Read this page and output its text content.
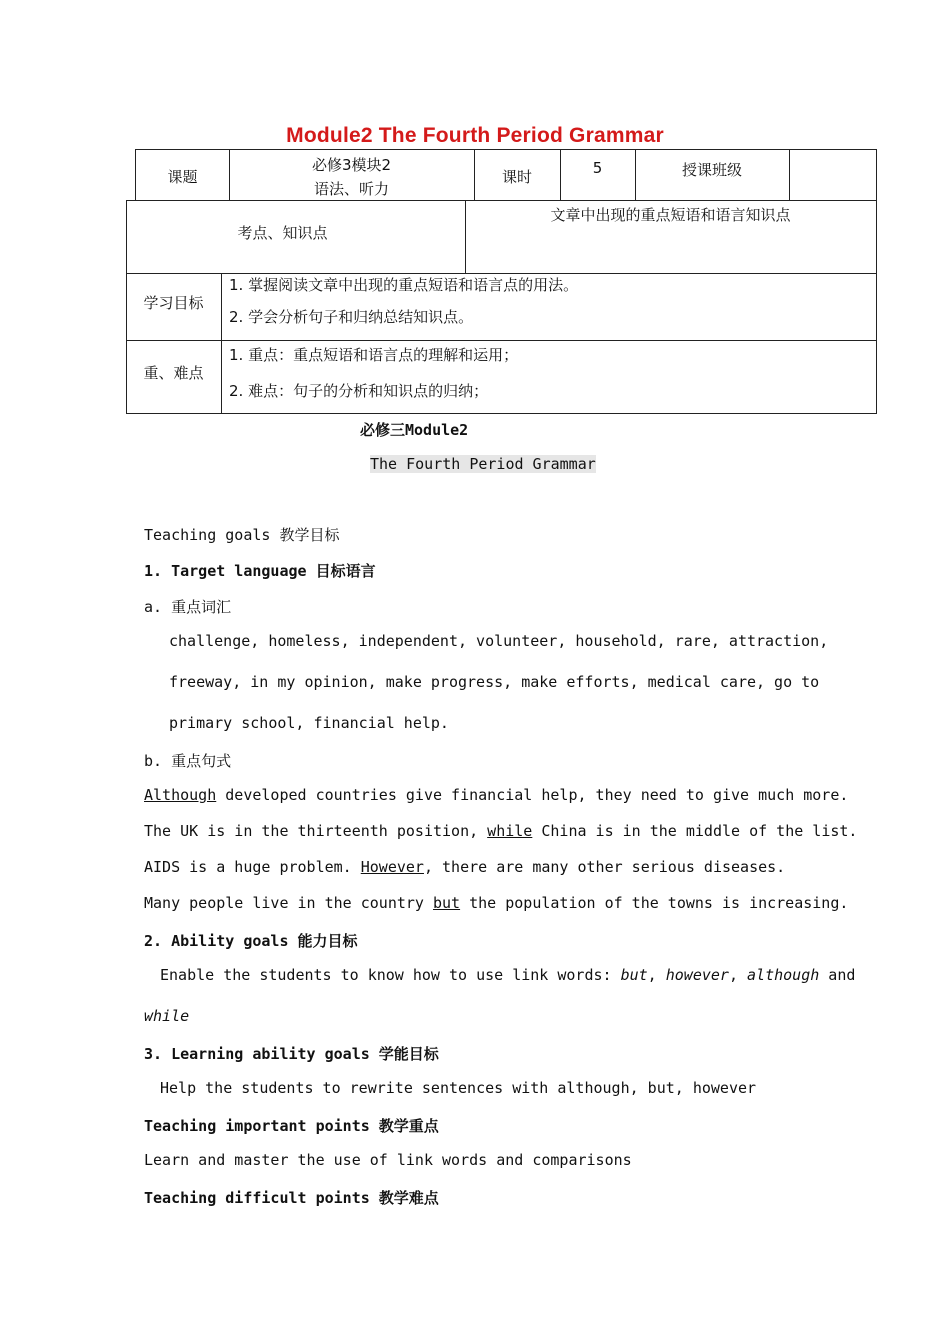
Module2 The Fourth Period Grammar
课题
必修3模块2
语法、听力
课时	5	授课班级
考点、知识点
文章中出现的重点短语和语言知识点
学习目标
1. 掌握阅读文章中出现的重点短语和语言点的用法。
2. 学会分析句子和归纳总结知识点。
重、难点
1. 重点：重点短语和语言点的理解和运用；
2. 难点：句子的分析和知识点的归纳；
必修三Module2
The Fourth Period Grammar
Teaching goals 教学目标
1. Target language 目标语言
a. 重点词汇
challenge, homeless, independent, volunteer, household, rare, attraction,
freeway, in my opinion, make progress, make efforts, medical care, go to
primary school, financial help.
b. 重点句式
Although developed countries give financial help, they need to give much more.
The UK is in the thirteenth position, while China is in the middle of the list.
AIDS is a huge problem. However, there are many other serious diseases.
Many people live in the country but the population of the towns is increasing.
2. Ability goals 能力目标
Enable the students to know how to use link words: but, however, although and
while
3. Learning ability goals 学能目标
Help the students to rewrite sentences with although, but, however
Teaching important points 教学重点
Learn and master the use of link words and comparisons
Teaching difficult points 教学难点
